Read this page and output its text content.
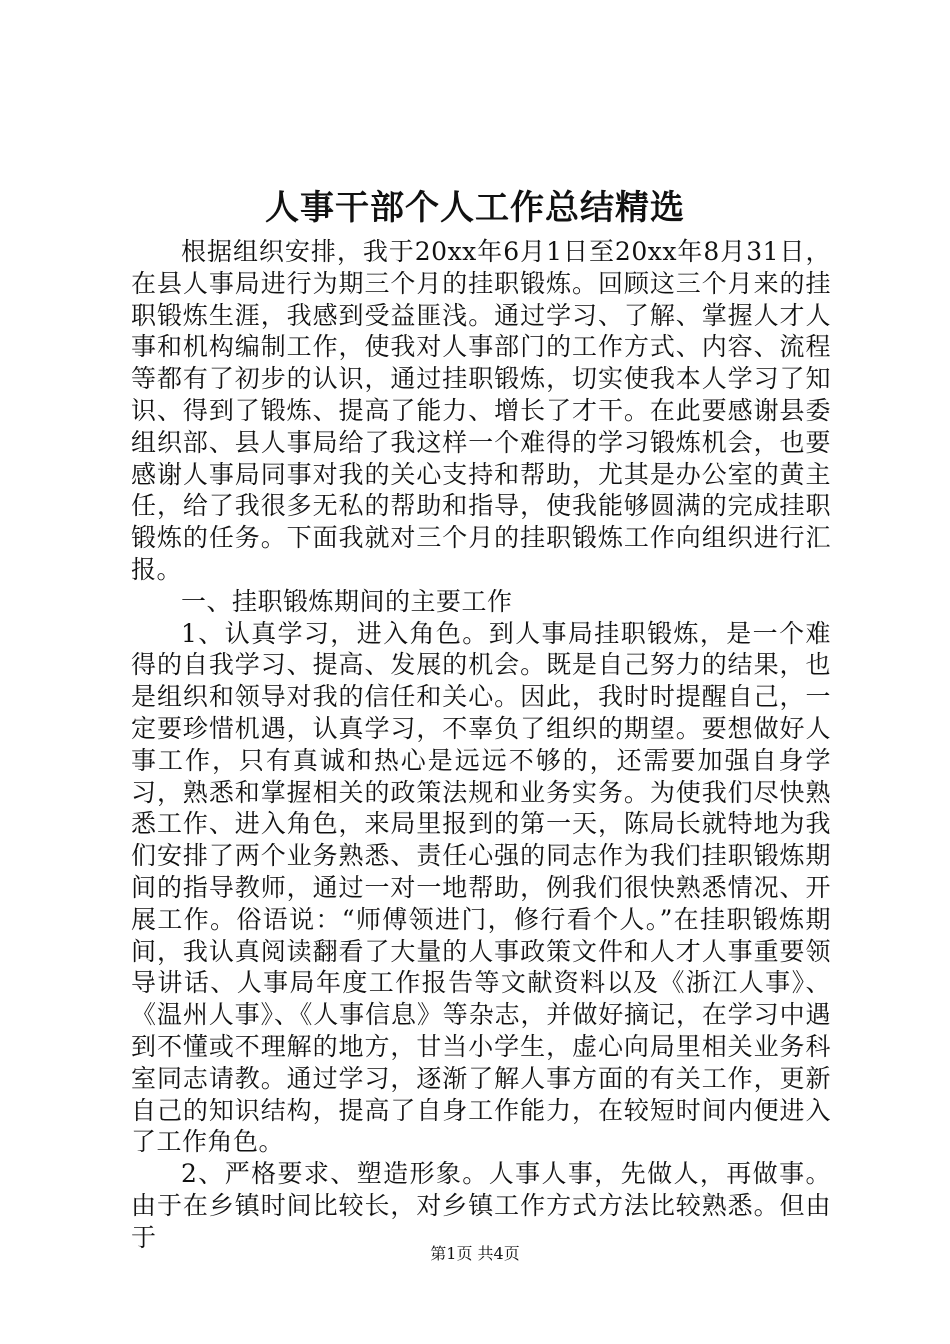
人事干部个人工作总结精选

根据组织安排，我于20xx年6月1日至20xx年8月31日，在县人事局进行为期三个月的挂职锻炼。回顾这三个月来的挂职锻炼生涯，我感到受益匪浅。通过学习、了解、掌握人才人事和机构编制工作，使我对人事部门的工作方式、内容、流程等都有了初步的认识，通过挂职锻炼，切实使我本人学习了知识、得到了锻炼、提高了能力、增长了才干。在此要感谢县委组织部、县人事局给了我这样一个难得的学习锻炼机会，也要感谢人事局同事对我的关心支持和帮助，尤其是办公室的黄主任，给了我很多无私的帮助和指导，使我能够圆满的完成挂职锻炼的任务。下面我就对三个月的挂职锻炼工作向组织进行汇报。

一、挂职锻炼期间的主要工作

1、认真学习，进入角色。到人事局挂职锻炼，是一个难得的自我学习、提高、发展的机会。既是自己努力的结果，也是组织和领导对我的信任和关心。因此，我时时提醒自己，一定要珍惜机遇，认真学习，不辜负了组织的期望。要想做好人事工作，只有真诚和热心是远远不够的，还需要加强自身学习，熟悉和掌握相关的政策法规和业务实务。为使我们尽快熟悉工作、进入角色，来局里报到的第一天，陈局长就特地为我们安排了两个业务熟悉、责任心强的同志作为我们挂职锻炼期间的指导教师，通过一对一地帮助，例我们很快熟悉情况、开展工作。俗语说：“师傅领进门，修行看个人。”在挂职锻炼期间，我认真阅读翻看了大量的人事政策文件和人才人事重要领导讲话、人事局年度工作报告等文献资料以及《浙江人事》、《温州人事》、《人事信息》等杂志，并做好摘记，在学习中遇到不懂或不理解的地方，甘当小学生，虚心向局里相关业务科室同志请教。通过学习，逐渐了解人事方面的有关工作，更新自己的知识结构，提高了自身工作能力，在较短时间内便进入了工作角色。

2、严格要求、塑造形象。人事人事，先做人，再做事。由于在乡镇时间比较长，对乡镇工作方式方法比较熟悉。但由于

第1页 共4页
